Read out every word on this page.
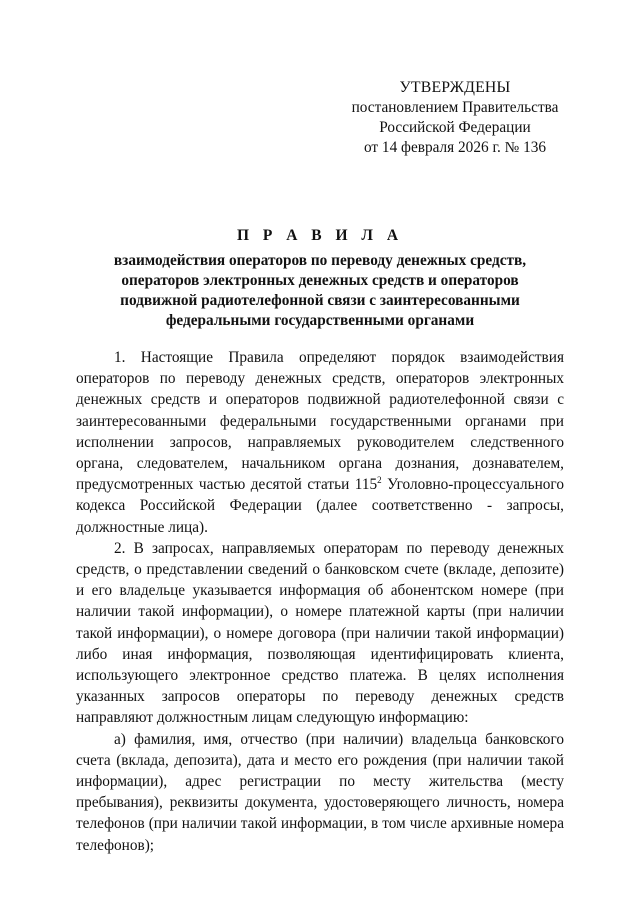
УТВЕРЖДЕНЫ
постановлением Правительства
Российской Федерации
от 14 февраля 2026 г. № 136
П Р А В И Л А
взаимодействия операторов по переводу денежных средств, операторов электронных денежных средств и операторов подвижной радиотелефонной связи с заинтересованными федеральными государственными органами

1. Настоящие Правила определяют порядок взаимодействия операторов по переводу денежных средств, операторов электронных денежных средств и операторов подвижной радиотелефонной связи с заинтересованными федеральными государственными органами при исполнении запросов, направляемых руководителем следственного органа, следователем, начальником органа дознания, дознавателем, предусмотренных частью десятой статьи $115^2$ Уголовно-процессуального кодекса Российской Федерации (далее соответственно - запросы, должностные лица).

2. В запросах, направляемых операторам по переводу денежных средств, о представлении сведений о банковском счете (вкладе, депозите) и его владельце указывается информация об абонентском номере (при наличии такой информации), о номере платежной карты (при наличии такой информации), о номере договора (при наличии такой информации) либо иная информация, позволяющая идентифицировать клиента, использующего электронное средство платежа. В целях исполнения указанных запросов операторы по переводу денежных средств направляют должностным лицам следующую информацию:

а) фамилия, имя, отчество (при наличии) владельца банковского счета (вклада, депозита), дата и место его рождения (при наличии такой информации), адрес регистрации по месту жительства (месту пребывания), реквизиты документа, удостоверяющего личность, номера телефонов (при наличии такой информации, в том числе архивные номера телефонов);
